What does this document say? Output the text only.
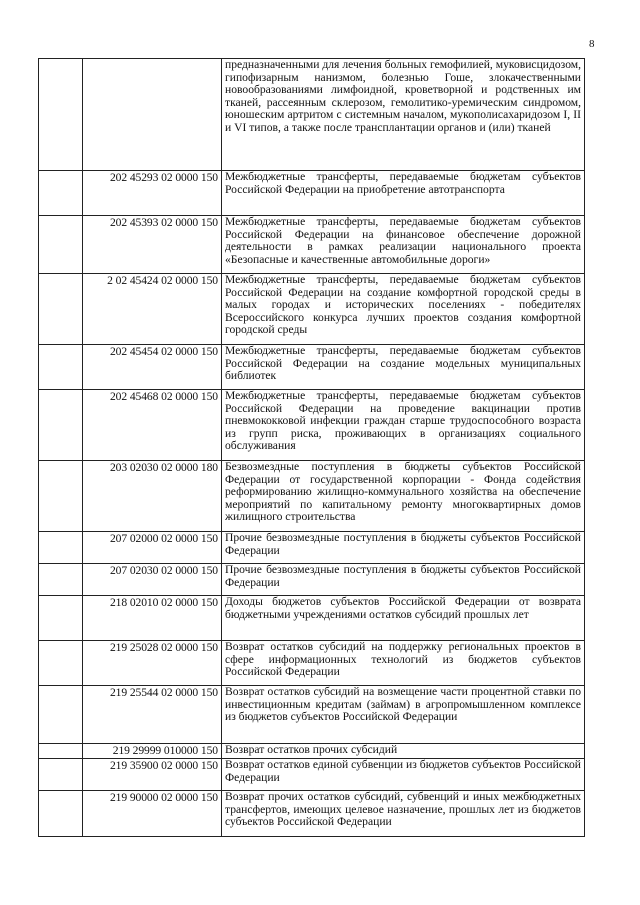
8
		предназначенными для лечения больных гемофилией, муковисцидозом, гипофизарным нанизмом, болезнью Гоше, злокачественными новообразованиями лимфоидной, кроветворной и родственных им тканей, рассеянным склерозом, гемолитико-уремическим синдромом, юношеским артритом с системным началом, мукополисахаридозом I, II и VI типов, а также после трансплантации органов и (или) тканей
	202 45293 02 0000 150	Межбюджетные трансферты, передаваемые бюджетам субъектов Российской Федерации на приобретение автотранспорта
	202 45393 02 0000 150	Межбюджетные трансферты, передаваемые бюджетам субъектов Российской Федерации на финансовое обеспечение дорожной деятельности в рамках реализации национального проекта «Безопасные и качественные автомобильные дороги»
	2 02 45424 02 0000 150	Межбюджетные трансферты, передаваемые бюджетам субъектов Российской Федерации на создание комфортной городской среды в малых городах и исторических поселениях - победителях Всероссийского конкурса лучших проектов создания комфортной городской среды
	202 45454 02 0000 150	Межбюджетные трансферты, передаваемые бюджетам субъектов Российской Федерации на создание модельных муниципальных библиотек
	202 45468 02 0000 150	Межбюджетные трансферты, передаваемые бюджетам субъектов Российской Федерации на проведение вакцинации против пневмококковой инфекции граждан старше трудоспособного возраста из групп риска, проживающих в организациях социального обслуживания
	203 02030 02 0000 180	Безвозмездные поступления в бюджеты субъектов Российской Федерации от государственной корпорации - Фонда содействия реформированию жилищно-коммунального хозяйства на обеспечение мероприятий по капитальному ремонту многоквартирных домов жилищного строительства
	207 02000 02 0000 150	Прочие безвозмездные поступления в бюджеты субъектов Российской Федерации
	207 02030 02 0000 150	Прочие безвозмездные поступления в бюджеты субъектов Российской Федерации
	218 02010 02 0000 150	Доходы бюджетов субъектов Российской Федерации от возврата бюджетными учреждениями остатков субсидий прошлых лет
	219 25028 02 0000 150	Возврат остатков субсидий на поддержку региональных проектов в сфере информационных технологий из бюджетов субъектов Российской Федерации
	219 25544 02 0000 150	Возврат остатков субсидий на возмещение части процентной ставки по инвестиционным кредитам (займам) в агропромышленном комплексе из бюджетов субъектов Российской Федерации
	219 29999 010000 150	Возврат остатков прочих субсидий
	219 35900 02 0000 150	Возврат остатков единой субвенции из бюджетов субъектов Российской Федерации
	219 90000 02 0000 150	Возврат прочих остатков субсидий, субвенций и иных межбюджетных трансфертов, имеющих целевое назначение, прошлых лет из бюджетов субъектов Российской Федерации
